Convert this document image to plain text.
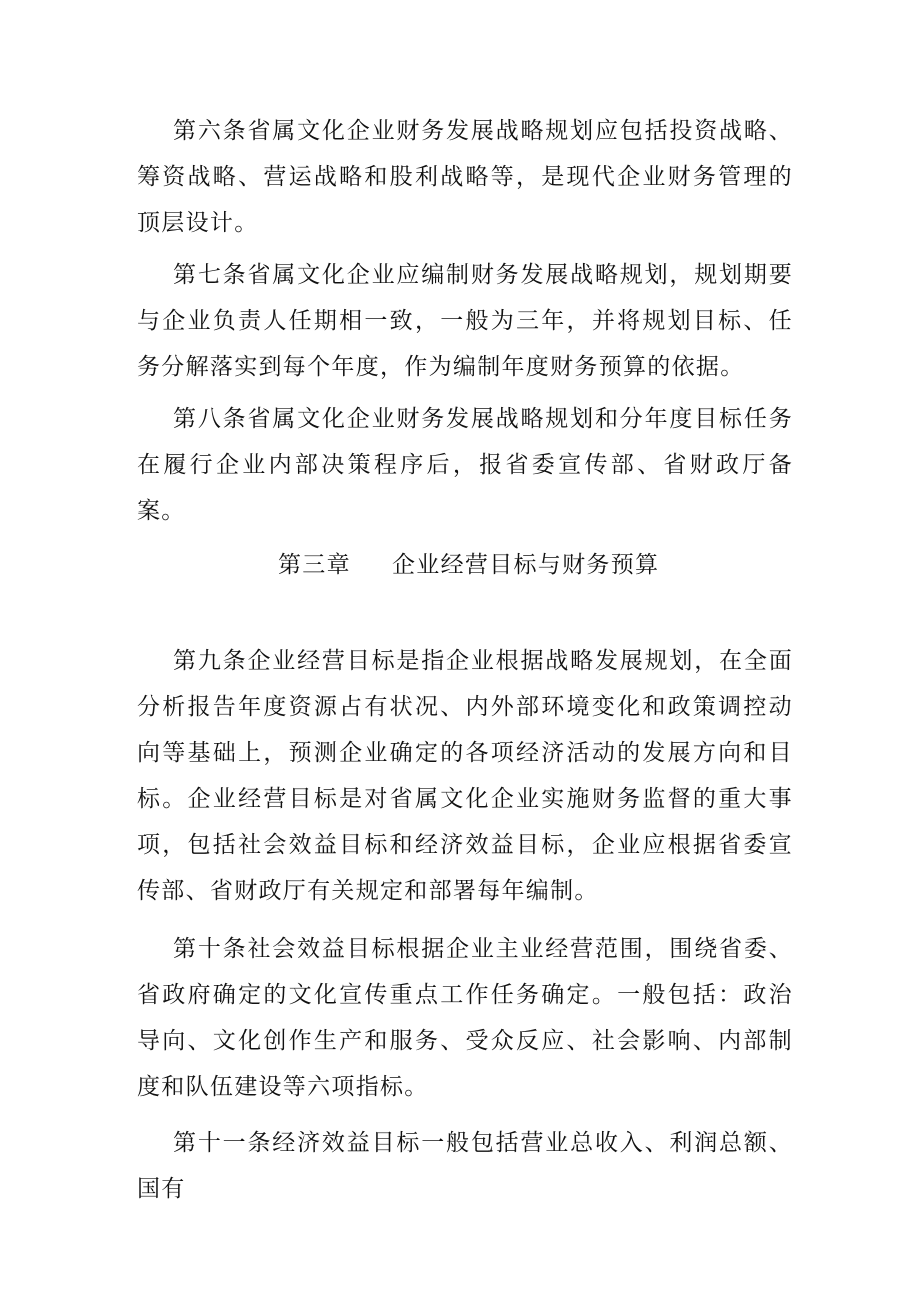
第六条省属文化企业财务发展战略规划应包括投资战略、筹资战略、营运战略和股利战略等，是现代企业财务管理的顶层设计。

第七条省属文化企业应编制财务发展战略规划，规划期要与企业负责人任期相一致，一般为三年，并将规划目标、任务分解落实到每个年度，作为编制年度财务预算的依据。

第八条省属文化企业财务发展战略规划和分年度目标任务在履行企业内部决策程序后，报省委宣传部、省财政厅备案。

第三章 企业经营目标与财务预算

第九条企业经营目标是指企业根据战略发展规划，在全面分析报告年度资源占有状况、内外部环境变化和政策调控动向等基础上，预测企业确定的各项经济活动的发展方向和目标。企业经营目标是对省属文化企业实施财务监督的重大事项，包括社会效益目标和经济效益目标，企业应根据省委宣传部、省财政厅有关规定和部署每年编制。

第十条社会效益目标根据企业主业经营范围，围绕省委、省政府确定的文化宣传重点工作任务确定。一般包括：政治导向、文化创作生产和服务、受众反应、社会影响、内部制度和队伍建设等六项指标。

第十一条经济效益目标一般包括营业总收入、利润总额、国有
